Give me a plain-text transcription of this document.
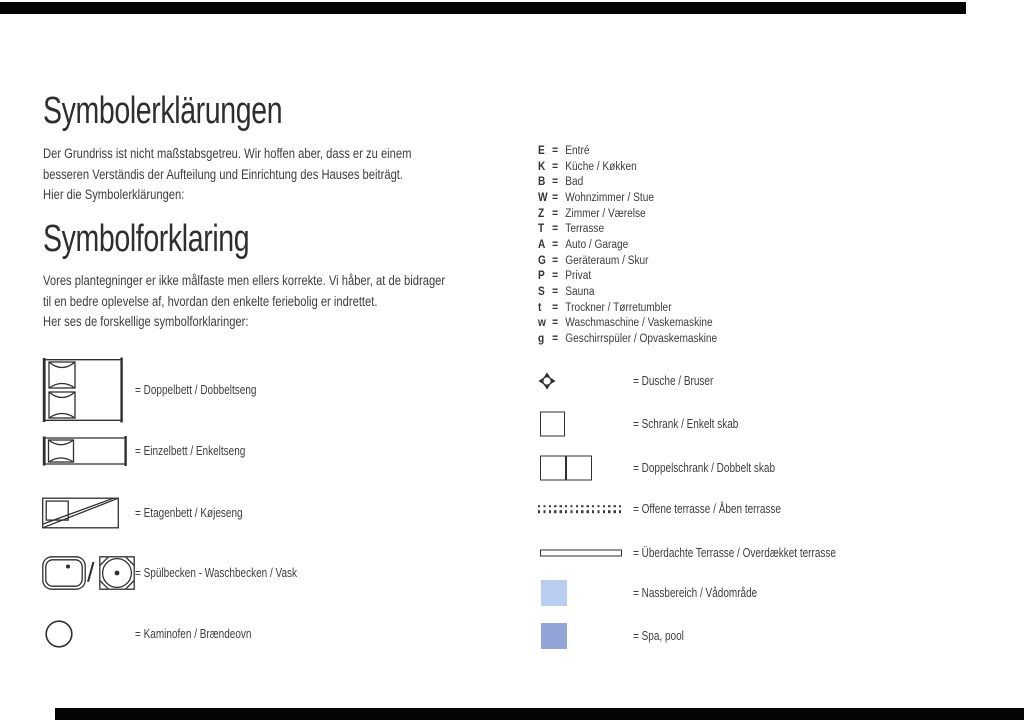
Symbolerklärungen
Der Grundriss ist nicht maßstabsgetreu. Wir hoffen aber, dass er zu einem
besseren Verständis der Aufteilung und Einrichtung des Hauses beiträgt.
Hier die Symbolerklärungen:
Symbolforklaring
Vores plantegninger er ikke målfaste men ellers korrekte. Vi håber, at de bidrager
til en bedre oplevelse af, hvordan den enkelte feriebolig er indrettet.
Her ses de forskellige symbolforklaringer:
E = Entré
K = Küche / Køkken
B = Bad
W = Wohnzimmer / Stue
Z = Zimmer / Værelse
T = Terrasse
A = Auto / Garage
G = Geräteraum / Skur
P = Privat
S = Sauna
t = Trockner / Tørretumbler
w = Waschmaschine / Vaskemaskine
g = Geschirrspüler / Opvaskemaskine
= Doppelbett / Dobbeltseng
= Einzelbett / Enkeltseng
= Etagenbett / Køjeseng
/	= Spülbecken - Waschbecken / Vask
= Kaminofen / Brændeovn
= Dusche / Bruser
= Schrank / Enkelt skab
= Doppelschrank / Dobbelt skab
= Offene terrasse / Åben terrasse
= Überdachte Terrasse / Overdækket terrasse
= Nassbereich / Vådområde
= Spa, pool
